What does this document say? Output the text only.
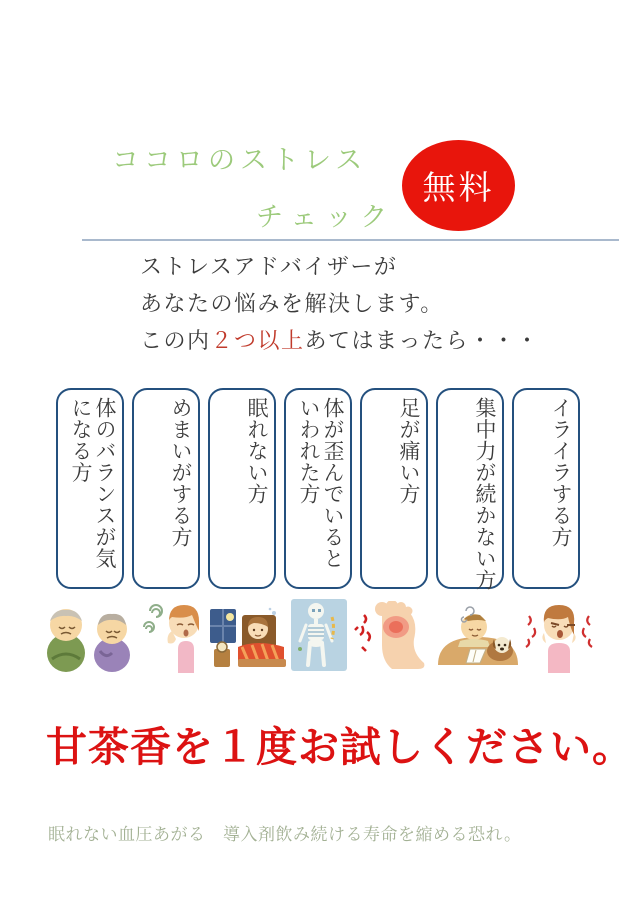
ココロのストレス
チェック
無料
ストレスアドバイザーが
あなたの悩みを解決します。
この内２つ以上あてはまったら・・・
体のバランスが気
になる方	めまいがする方 眠れない方 体が歪んでいると
いわれた方	足が痛い方 集中力が続かない方 イライラする方
甘茶香を１度お試しください。
眠れない血圧あがる　導入剤飲み続ける寿命を縮める恐れ。
